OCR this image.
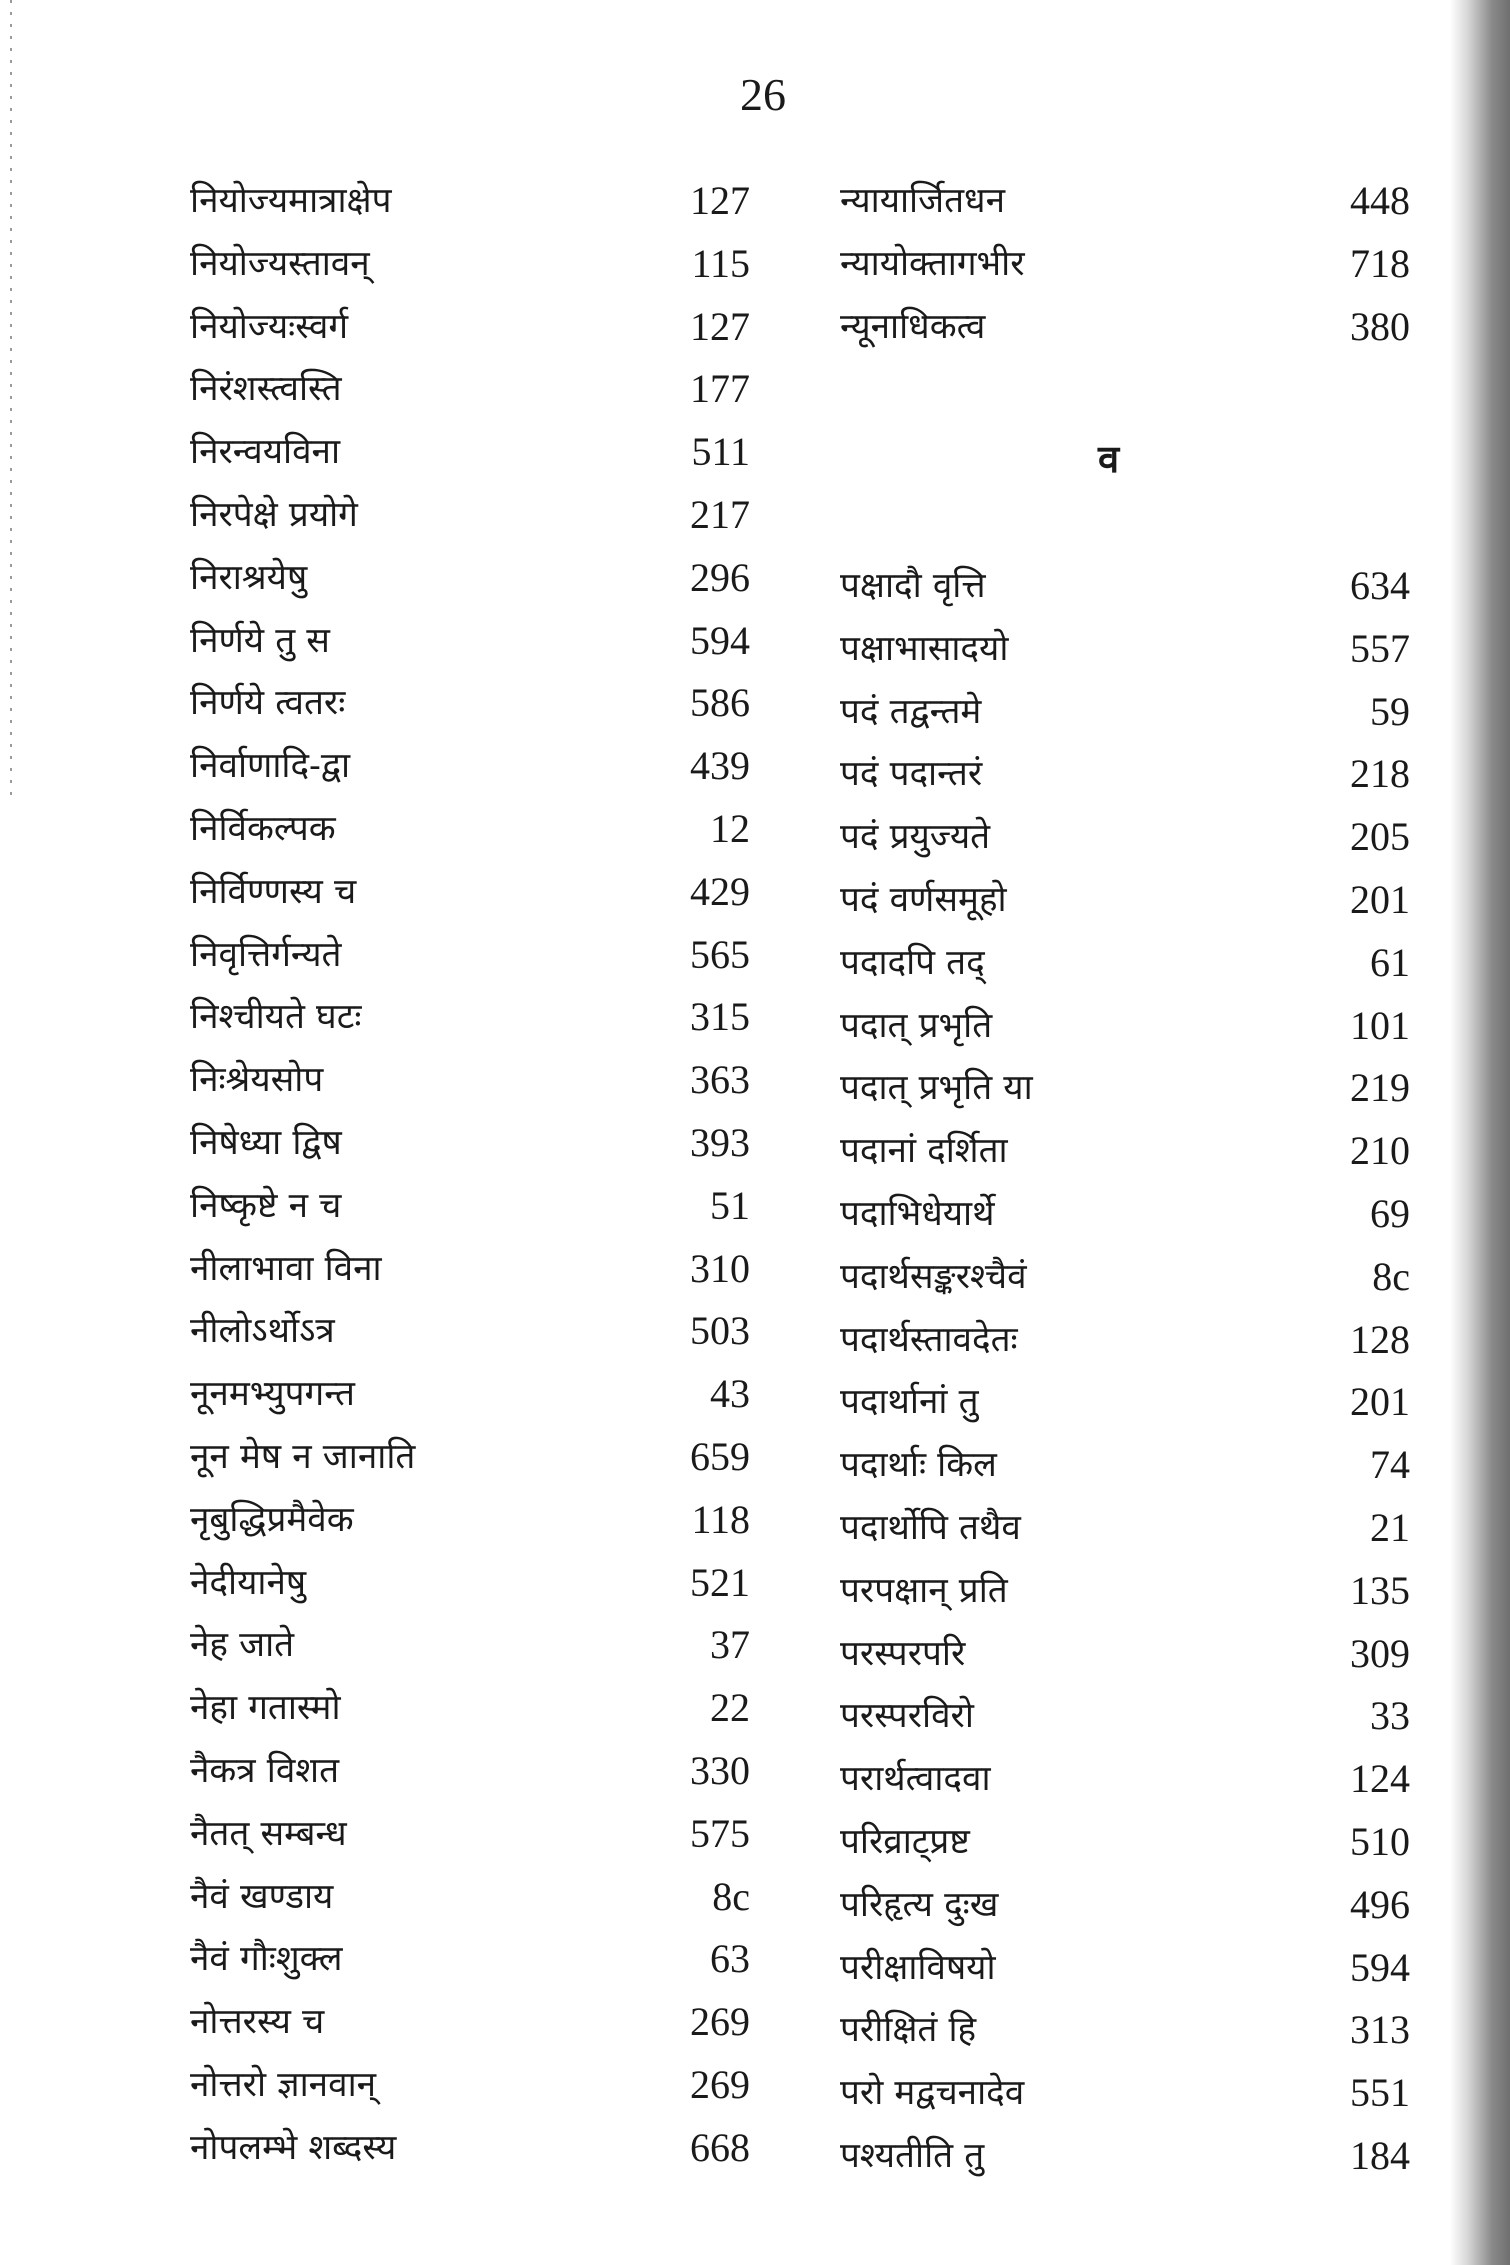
26
नियोज्यमात्राक्षेप	127
नियोज्यस्तावन्	115
नियोज्यःस्वर्ग	127
निरंशस्त्वस्ति	177
निरन्वयविना	511
निरपेक्षे प्रयोगे	217
निराश्रयेषु	296
निर्णये तु स	594
निर्णये त्वतरः	586
निर्वाणादि-द्वा	439
निर्विकल्पक	12
निर्विण्णस्य च	429
निवृत्तिर्गन्यते	565
निश्चीयते घटः	315
निःश्रेयसोप	363
निषेध्या द्विष	393
निष्कृष्टे न च	51
नीलाभावा विना	310
नीलोऽर्थोऽत्र	503
नूनमभ्युपगन्त	43
नून मेष न जानाति	659
नृबुद्धिप्रमैवेक	118
नेदीयानेषु	521
नेह जाते	37
नेहा गतास्मो	22
नैकत्र विशत	330
नैतत् सम्बन्ध	575
नैवं खण्डाय	8c
नैवं गौःशुक्ल	63
नोत्तरस्य च	269
नोत्तरो ज्ञानवान्	269
नोपलम्भे शब्दस्य	668
न्यायार्जितधन	448
न्यायोक्तागभीर	718
न्यूनाधिकत्व	380
व
पक्षादौ वृत्ति	634
पक्षाभासादयो	557
पदं तद्वन्तमे	59
पदं पदान्तरं	218
पदं प्रयुज्यते	205
पदं वर्णसमूहो	201
पदादपि तद्	61
पदात् प्रभृति	101
पदात् प्रभृति या	219
पदानां दर्शिता	210
पदाभिधेयार्थे	69
पदार्थसङ्करश्चैवं	8c
पदार्थस्तावदेतः	128
पदार्थानां तु	201
पदार्थाः किल	74
पदार्थोपि तथैव	21
परपक्षान् प्रति	135
परस्परपरि	309
परस्परविरो	33
परार्थत्वादवा	124
परिव्राट्प्रष्ट	510
परिहृत्य दुःख	496
परीक्षाविषयो	594
परीक्षितं हि	313
परो मद्वचनादेव	551
पश्यतीति तु	184
